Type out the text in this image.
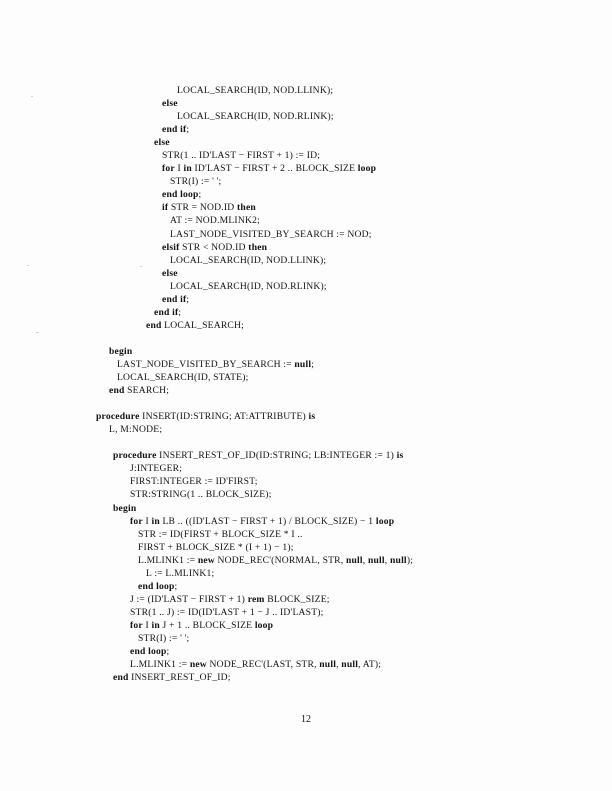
LOCAL_SEARCH(ID, NOD.LLINK);
else
LOCAL_SEARCH(ID, NOD.RLINK);
end if;
else
STR(1 .. ID'LAST − FIRST + 1) := ID;
for I in ID'LAST − FIRST + 2 .. BLOCK_SIZE loop
STR(I) := ' ';
end loop;
if STR = NOD.ID then
AT := NOD.MLINK2;
LAST_NODE_VISITED_BY_SEARCH := NOD;
elsif STR < NOD.ID then
LOCAL_SEARCH(ID, NOD.LLINK);
else
LOCAL_SEARCH(ID, NOD.RLINK);
end if;
end if;
end LOCAL_SEARCH;

begin
LAST_NODE_VISITED_BY_SEARCH := null;
LOCAL_SEARCH(ID, STATE);
end SEARCH;

procedure INSERT(ID:STRING; AT:ATTRIBUTE) is
L, M:NODE;

procedure INSERT_REST_OF_ID(ID:STRING; LB:INTEGER := 1) is
J:INTEGER;
FIRST:INTEGER := ID'FIRST;
STR:STRING(1 .. BLOCK_SIZE);
begin
for I in LB .. ((ID'LAST − FIRST + 1) / BLOCK_SIZE) − 1 loop
STR := ID(FIRST + BLOCK_SIZE * I ..
FIRST + BLOCK_SIZE * (I + 1) − 1);
L.MLINK1 := new NODE_REC'(NORMAL, STR, null, null, null);
L := L.MLINK1;
end loop;
J := (ID'LAST − FIRST + 1) rem BLOCK_SIZE;
STR(1 .. J) := ID(ID'LAST + 1 − J .. ID'LAST);
for I in J + 1 .. BLOCK_SIZE loop
STR(I) := ' ';
end loop;
L.MLINK1 := new NODE_REC'(LAST, STR, null, null, AT);
end INSERT_REST_OF_ID;
12
